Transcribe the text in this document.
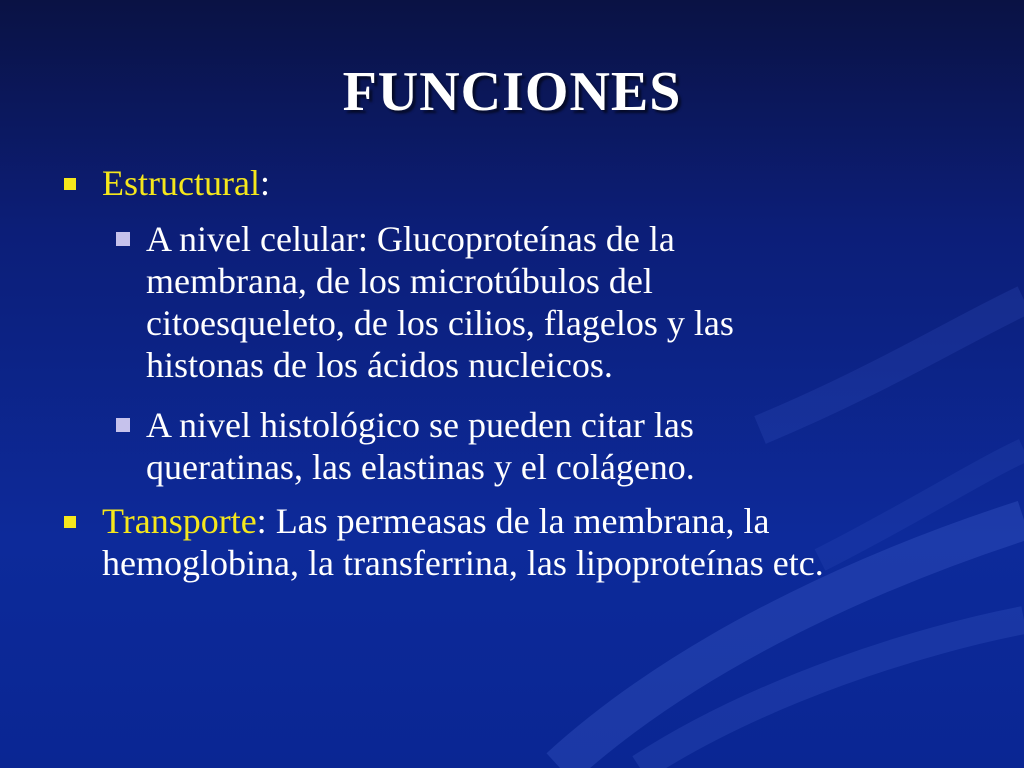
FUNCIONES
Estructural:
A nivel celular: Glucoproteínas de la
membrana, de los microtúbulos del
citoesqueleto, de los cilios, flagelos y las
histonas de los ácidos nucleicos.
A nivel histológico se pueden citar las
queratinas, las elastinas y el colágeno.
Transporte: Las permeasas de la membrana, la
hemoglobina, la transferrina, las lipoproteínas etc.
